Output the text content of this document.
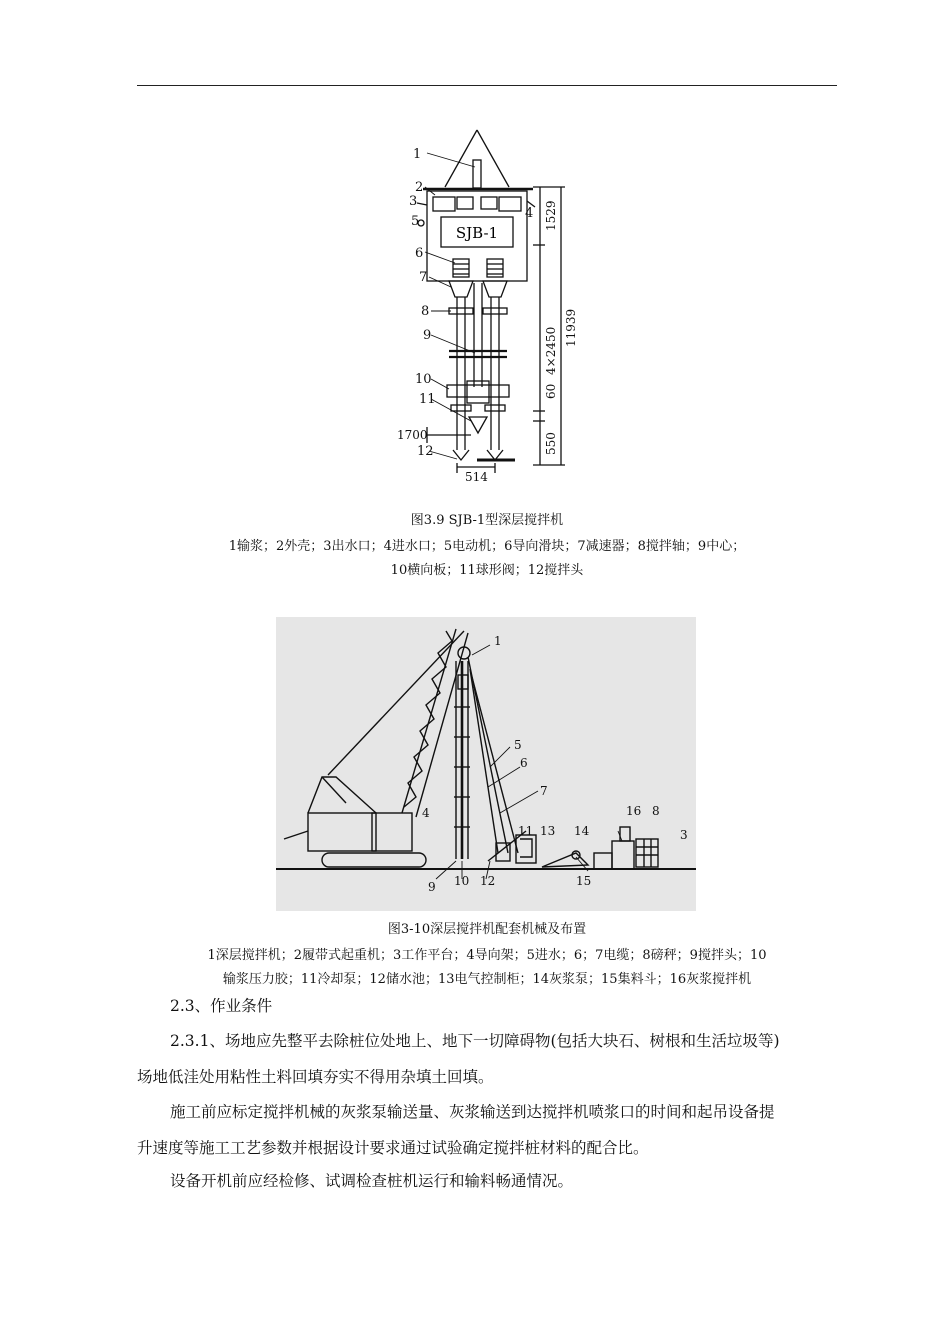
SJB-1
1
2
3
4
5
6
7
8
9
10
11
12
1529
11939
4×2450
60
550
1700
514
图3.9 SJB-1型深层搅拌机
1输浆；2外壳；3出水口；4进水口；5电动机；6导向滑块；7减速器；8搅拌轴；9中心；
10横向板；11球形阀；12搅拌头
1
3
4
5
6
7
8
9 10
11
12
13 14
15
16
图3-10深层搅拌机配套机械及布置
1深层搅拌机；2履带式起重机；3工作平台；4导向架；5进水；6；7电缆；8磅秤；9搅拌头；10
输浆压力胶；11冷却泵；12储水池；13电气控制柜；14灰浆泵；15集料斗；16灰浆搅拌机
2.3、作业条件
2.3.1、场地应先整平去除桩位处地上、地下一切障碍物(包括大块石、树根和生活垃圾等)
场地低洼处用粘性土料回填夯实不得用杂填土回填。
施工前应标定搅拌机械的灰浆泵输送量、灰浆输送到达搅拌机喷浆口的时间和起吊设备提
升速度等施工工艺参数并根据设计要求通过试验确定搅拌桩材料的配合比。
设备开机前应经检修、试调检查桩机运行和输料畅通情况。
